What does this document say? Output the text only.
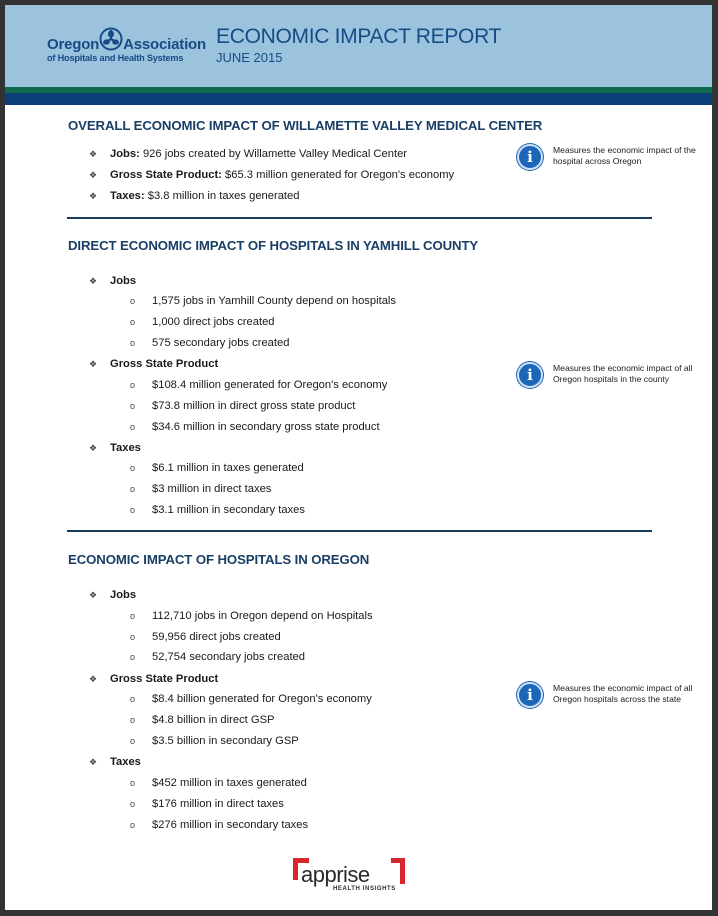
Oregon Association
of Hospitals and Health Systems
ECONOMIC IMPACT REPORT
JUNE 2015
OVERALL ECONOMIC IMPACT OF WILLAMETTE VALLEY MEDICAL CENTER
❖ Jobs: 926 jobs created by Willamette Valley Medical Center
❖ Gross State Product: $65.3 million generated for Oregon's economy
❖ Taxes: $3.8 million in taxes generated
i	Measures the economic impact of the hospital across Oregon
DIRECT ECONOMIC IMPACT OF HOSPITALS IN YAMHILL COUNTY
❖ Jobs
o 1,575 jobs in Yamhill County depend on hospitals
o 1,000 direct jobs created
o 575 secondary jobs created
❖ Gross State Product
o $108.4 million generated for Oregon's economy
o $73.8 million in direct gross state product
o $34.6 million in secondary gross state product
❖ Taxes
o $6.1 million in taxes generated
o $3 million in direct taxes
o $3.1 million in secondary taxes
i	Measures the economic impact of all Oregon hospitals in the county
ECONOMIC IMPACT OF HOSPITALS IN OREGON
❖ Jobs
o 112,710 jobs in Oregon depend on Hospitals
o 59,956 direct jobs created
o 52,754 secondary jobs created
❖ Gross State Product
o $8.4 billion generated for Oregon's economy
o $4.8 billion in direct GSP
o $3.5 billion in secondary GSP
❖ Taxes
o $452 million in taxes generated
o $176 million in direct taxes
o $276 million in secondary taxes
i	Measures the economic impact of all Oregon hospitals across the state
apprise
HEALTH INSIGHTS
